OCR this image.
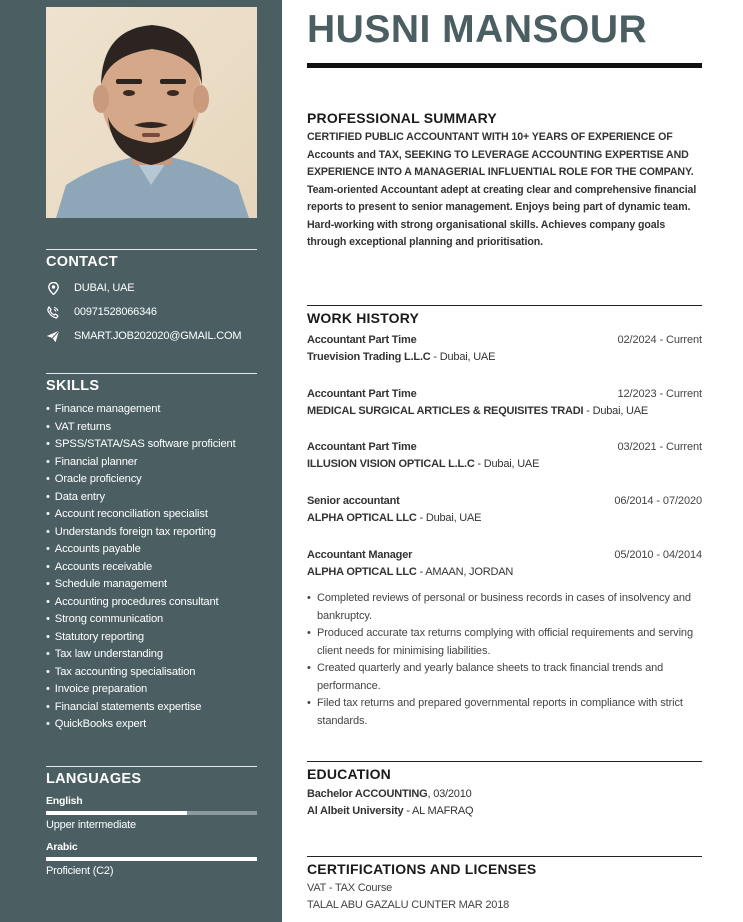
CONTACT
DUBAI, UAE
00971528066346
SMART.JOB202020@GMAIL.COM
SKILLS
• Finance management
• VAT returns
• SPSS/STATA/SAS software proficient
• Financial planner
• Oracle proficiency
• Data entry
• Account reconciliation specialist
• Understands foreign tax reporting
• Accounts payable
• Accounts receivable
• Schedule management
• Accounting procedures consultant
• Strong communication
• Statutory reporting
• Tax law understanding
• Tax accounting specialisation
• Invoice preparation
• Financial statements expertise
• QuickBooks expert
LANGUAGES
English
Upper intermediate
Arabic
Proficient (C2)
HUSNI MANSOUR
PROFESSIONAL SUMMARY
CERTIFIED PUBLIC ACCOUNTANT WITH 10+ YEARS OF EXPERIENCE OF Accounts and TAX, SEEKING TO LEVERAGE ACCOUNTING EXPERTISE AND EXPERIENCE INTO A MANAGERIAL INFLUENTIAL ROLE FOR THE COMPANY. Team-oriented Accountant adept at creating clear and comprehensive financial reports to present to senior management. Enjoys being part of dynamic team.
Hard-working with strong organisational skills. Achieves company goals through exceptional planning and prioritisation.
WORK HISTORY
Accountant Part Time	02/2024 - Current
Truevision Trading L.L.C - Dubai, UAE
Accountant Part Time	12/2023 - Current
MEDICAL SURGICAL ARTICLES & REQUISITES TRADI - Dubai, UAE
Accountant Part Time	03/2021 - Current
ILLUSION VISION OPTICAL L.L.C - Dubai, UAE
Senior accountant	06/2014 - 07/2020
ALPHA OPTICAL LLC - Dubai, UAE
Accountant Manager	05/2010 - 04/2014
ALPHA OPTICAL LLC - AMAAN, JORDAN
• Completed reviews of personal or business records in cases of insolvency and bankruptcy.
• Produced accurate tax returns complying with official requirements and serving client needs for minimising liabilities.
• Created quarterly and yearly balance sheets to track financial trends and performance.
• Filed tax returns and prepared governmental reports in compliance with strict standards.
EDUCATION
Bachelor ACCOUNTING, 03/2010
Al Albeit University - AL MAFRAQ
CERTIFICATIONS AND LICENSES
VAT - TAX Course
TALAL ABU GAZALU CUNTER MAR 2018
